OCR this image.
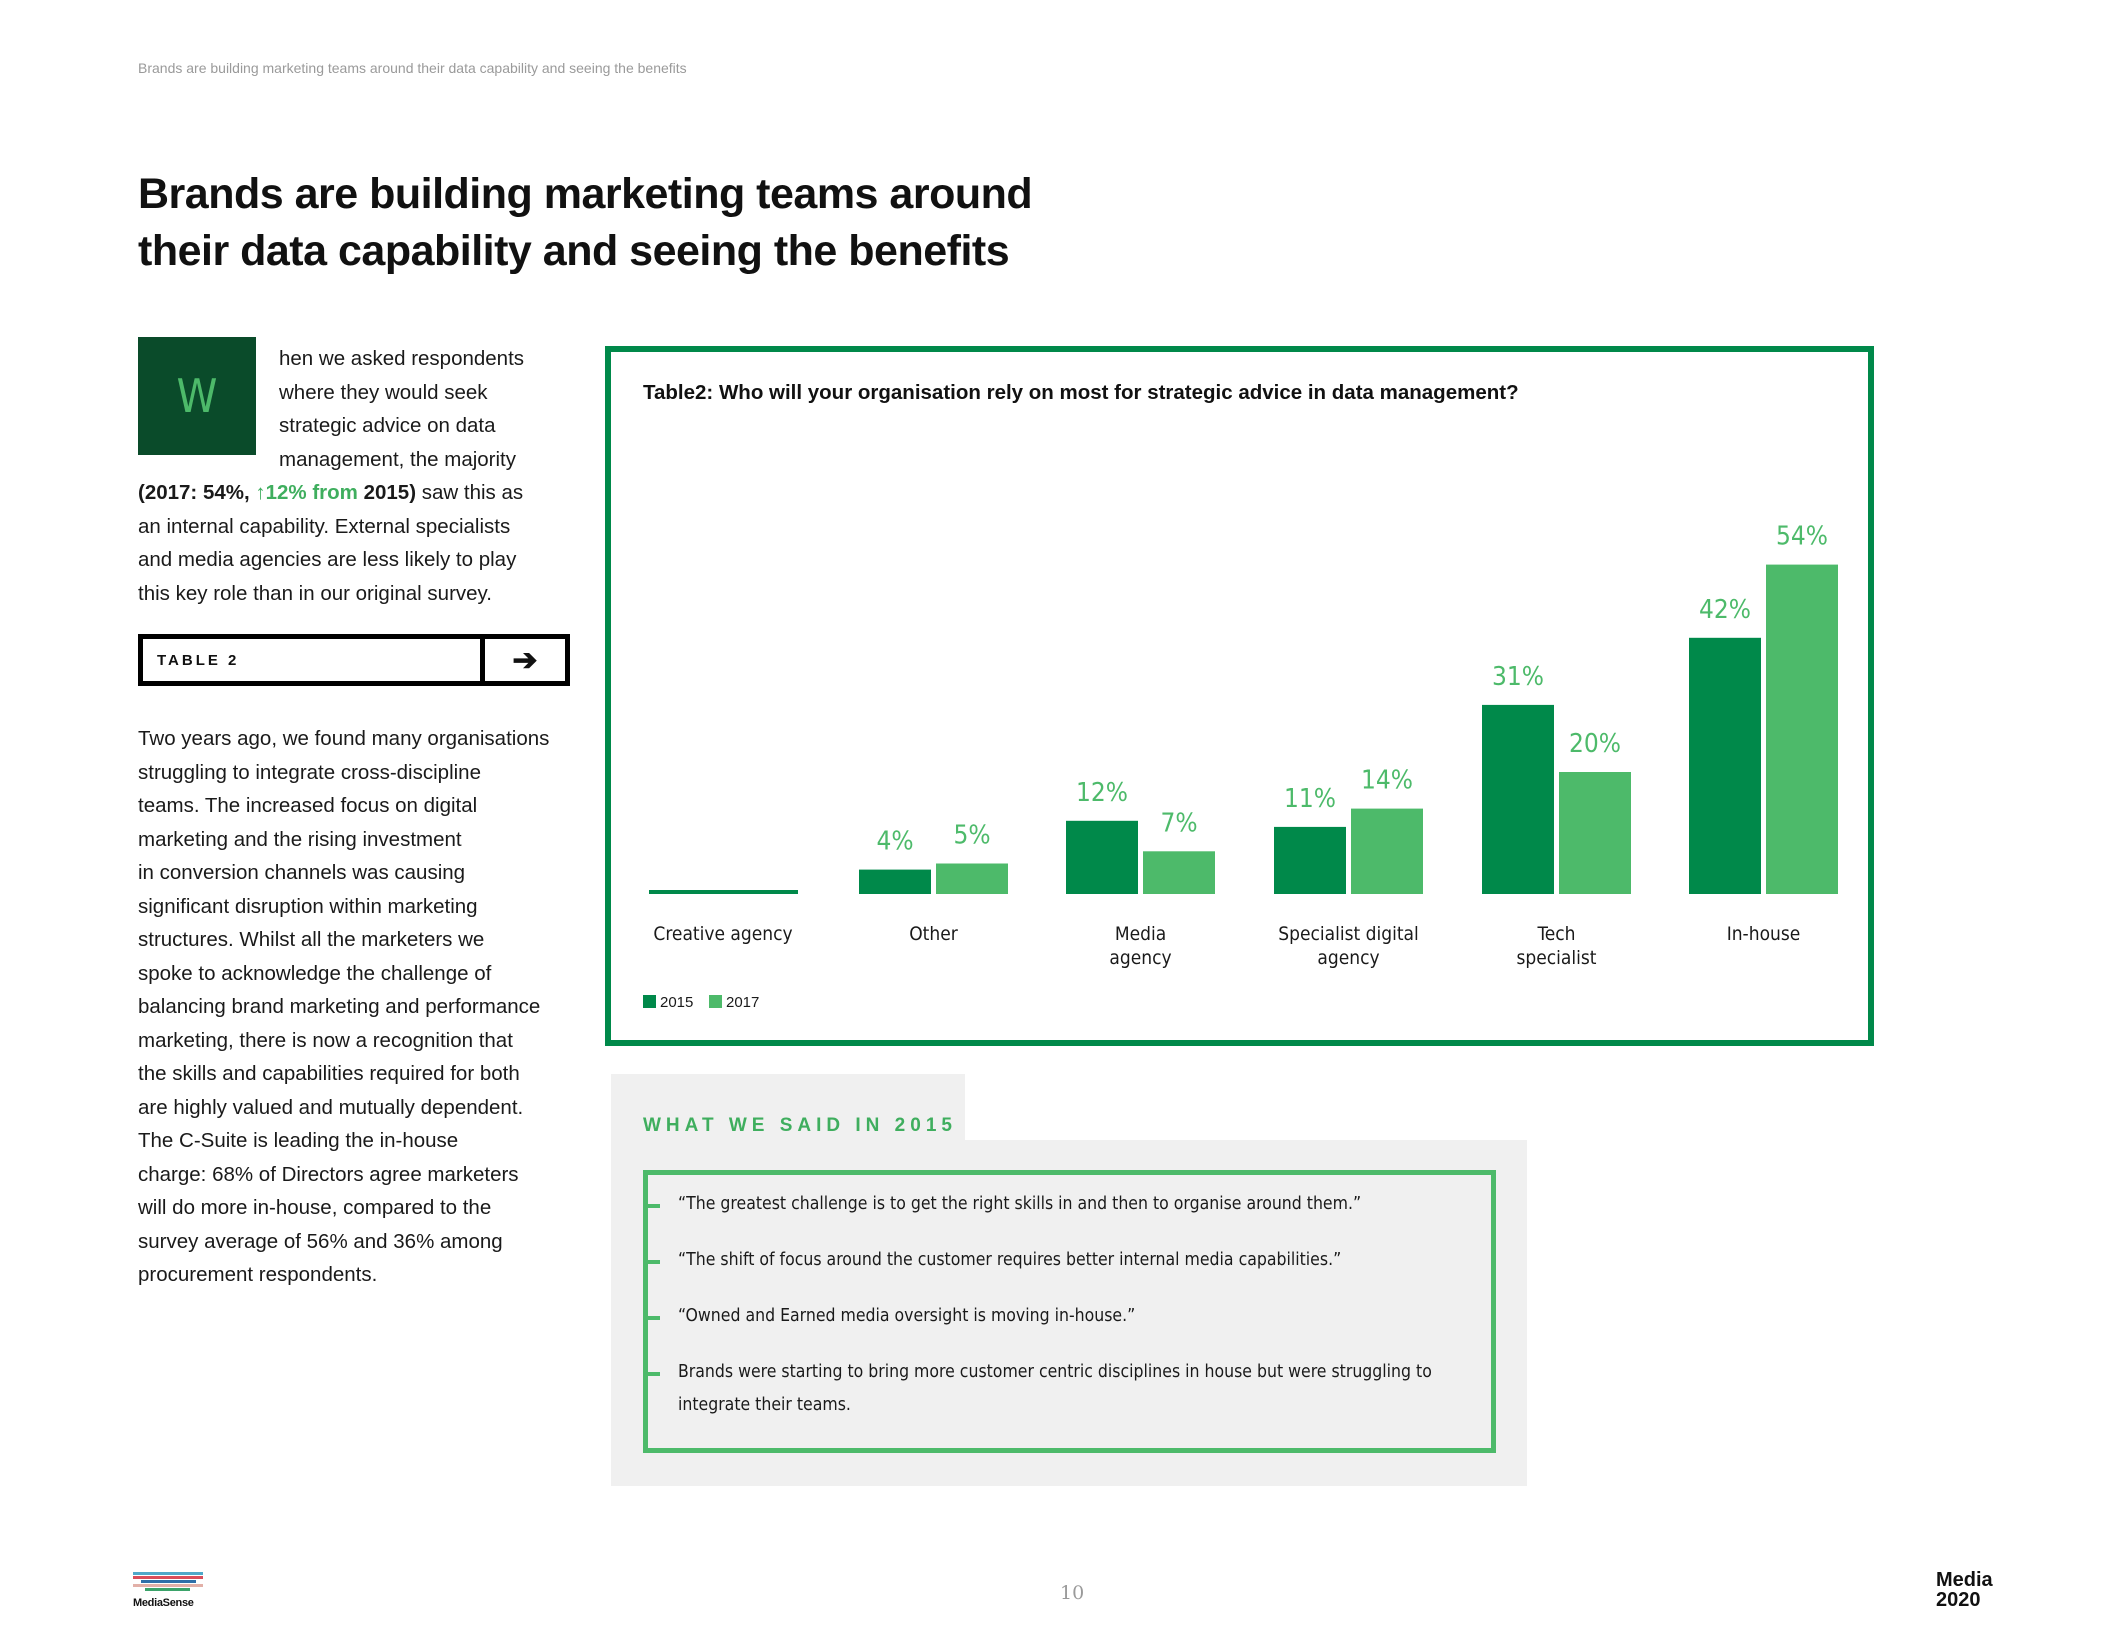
Brands are building marketing teams around their data capability and seeing the benefits
Brands are building marketing teams around
their data capability and seeing the benefits
W
hen we asked respondents
where they would seek
strategic advice on data
management, the majority
(2017: 54%, ↑12% from 2015) saw this as
an internal capability. External specialists
and media agencies are less likely to play
this key role than in our original survey.
TABLE 2	➔
Two years ago, we found many organisations
struggling to integrate cross-discipline
teams. The increased focus on digital
marketing and the rising investment
in conversion channels was causing
significant disruption within marketing
structures. Whilst all the marketers we
spoke to acknowledge the challenge of
balancing brand marketing and performance
marketing, there is now a recognition that
the skills and capabilities required for both
are highly valued and mutually dependent.
The C-Suite is leading the in-house
charge: 68% of Directors agree marketers
will do more in-house, compared to the
survey average of 56% and 36% among
procurement respondents.
Table2: Who will your organisation rely on most for strategic advice in data management?
Creative agency
4% 5%
Other
12%
7%
Media
agency
11%
14%
Specialist digital
agency
31%
20%
Tech
specialist
42%
54%
In-house
2015 2017
WHAT WE SAID IN 2015
“The greatest challenge is to get the right skills in and then to organise around them.”
“The shift of focus around the customer requires better internal media capabilities.”
“Owned and Earned media oversight is moving in-house.”
Brands were starting to bring more customer centric disciplines in house but were struggling to
integrate their teams.
MediaSense	10
Media
2020
